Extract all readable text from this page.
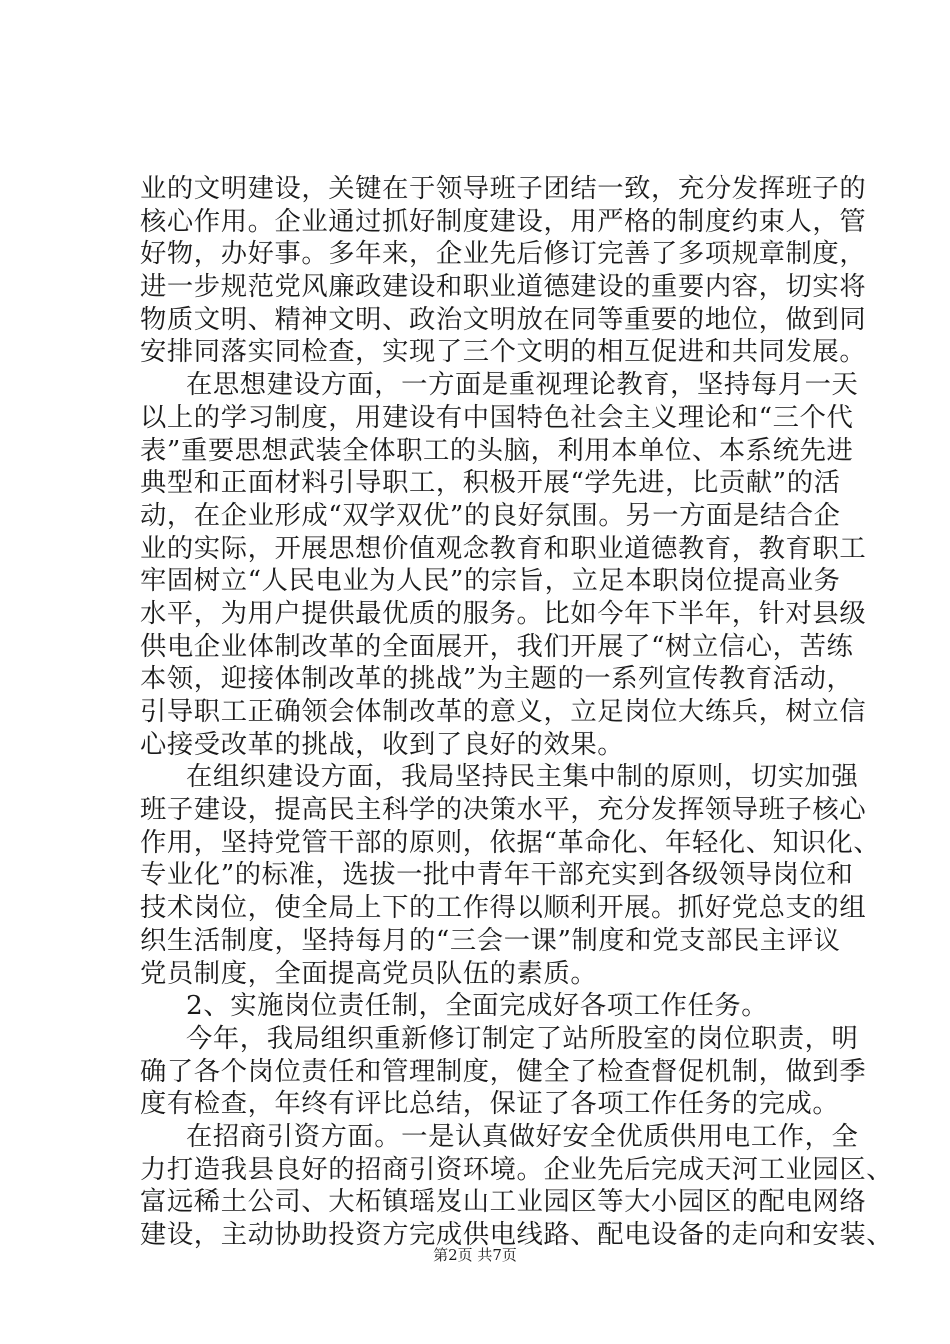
业的文明建设，关键在于领导班子团结一致，充分发挥班子的
核心作用。企业通过抓好制度建设，用严格的制度约束人，管
好物，办好事。多年来，企业先后修订完善了多项规章制度，
进一步规范党风廉政建设和职业道德建设的重要内容，切实将
物质文明、精神文明、政治文明放在同等重要的地位，做到同
安排同落实同检查，实现了三个文明的相互促进和共同发展。
在思想建设方面，一方面是重视理论教育，坚持每月一天
以上的学习制度，用建设有中国特色社会主义理论和“三个代
表”重要思想武装全体职工的头脑，利用本单位、本系统先进
典型和正面材料引导职工，积极开展“学先进，比贡献”的活
动，在企业形成“双学双优”的良好氛围。另一方面是结合企
业的实际，开展思想价值观念教育和职业道德教育，教育职工
牢固树立“人民电业为人民”的宗旨，立足本职岗位提高业务
水平，为用户提供最优质的服务。比如今年下半年，针对县级
供电企业体制改革的全面展开，我们开展了“树立信心，苦练
本领，迎接体制改革的挑战”为主题的一系列宣传教育活动，
引导职工正确领会体制改革的意义，立足岗位大练兵，树立信
心接受改革的挑战，收到了良好的效果。
在组织建设方面，我局坚持民主集中制的原则，切实加强
班子建设，提高民主科学的决策水平，充分发挥领导班子核心
作用，坚持党管干部的原则，依据“革命化、年轻化、知识化、
专业化”的标准，选拔一批中青年干部充实到各级领导岗位和
技术岗位，使全局上下的工作得以顺利开展。抓好党总支的组
织生活制度，坚持每月的“三会一课”制度和党支部民主评议
党员制度，全面提高党员队伍的素质。
2、实施岗位责任制，全面完成好各项工作任务。
今年，我局组织重新修订制定了站所股室的岗位职责，明
确了各个岗位责任和管理制度，健全了检查督促机制，做到季
度有检查，年终有评比总结，保证了各项工作任务的完成。
在招商引资方面。一是认真做好安全优质供用电工作，全
力打造我县良好的招商引资环境。企业先后完成天河工业园区、
富远稀土公司、大柘镇瑶岌山工业园区等大小园区的配电网络
建设，主动协助投资方完成供电线路、配电设备的走向和安装、
第2页 共7页
